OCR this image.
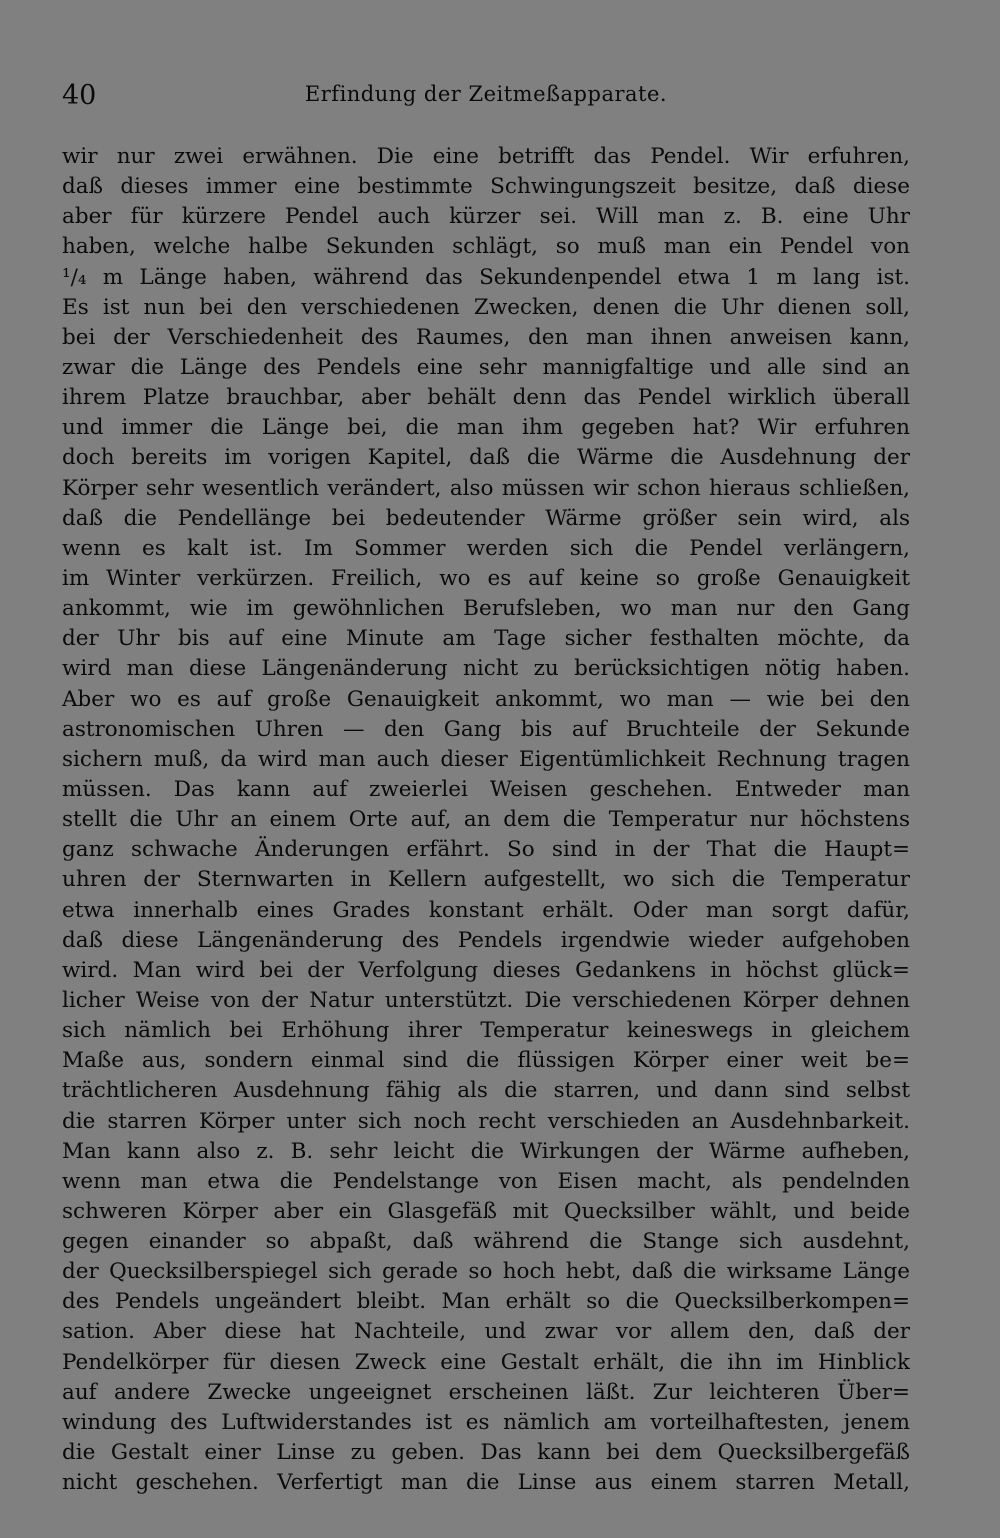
40	Erfindung der Zeitmeßapparate.
wir nur zwei erwähnen. Die eine betrifft das Pendel. Wir erfuhren,
daß dieses immer eine bestimmte Schwingungszeit besitze, daß diese
aber für kürzere Pendel auch kürzer sei. Will man z. B. eine Uhr
haben, welche halbe Sekunden schlägt, so muß man ein Pendel von
¹/₄ m Länge haben, während das Sekundenpendel etwa 1 m lang ist.
Es ist nun bei den verschiedenen Zwecken, denen die Uhr dienen soll,
bei der Verschiedenheit des Raumes, den man ihnen anweisen kann,
zwar die Länge des Pendels eine sehr mannigfaltige und alle sind an
ihrem Platze brauchbar, aber behält denn das Pendel wirklich überall
und immer die Länge bei, die man ihm gegeben hat? Wir erfuhren
doch bereits im vorigen Kapitel, daß die Wärme die Ausdehnung der
Körper sehr wesentlich verändert, also müssen wir schon hieraus schließen,
daß die Pendellänge bei bedeutender Wärme größer sein wird, als
wenn es kalt ist. Im Sommer werden sich die Pendel verlängern,
im Winter verkürzen. Freilich, wo es auf keine so große Genauigkeit
ankommt, wie im gewöhnlichen Berufsleben, wo man nur den Gang
der Uhr bis auf eine Minute am Tage sicher festhalten möchte, da
wird man diese Längenänderung nicht zu berücksichtigen nötig haben.
Aber wo es auf große Genauigkeit ankommt, wo man — wie bei den
astronomischen Uhren — den Gang bis auf Bruchteile der Sekunde
sichern muß, da wird man auch dieser Eigentümlichkeit Rechnung tragen
müssen. Das kann auf zweierlei Weisen geschehen. Entweder man
stellt die Uhr an einem Orte auf, an dem die Temperatur nur höchstens
ganz schwache Änderungen erfährt. So sind in der That die Haupt=
uhren der Sternwarten in Kellern aufgestellt, wo sich die Temperatur
etwa innerhalb eines Grades konstant erhält. Oder man sorgt dafür,
daß diese Längenänderung des Pendels irgendwie wieder aufgehoben
wird. Man wird bei der Verfolgung dieses Gedankens in höchst glück=
licher Weise von der Natur unterstützt. Die verschiedenen Körper dehnen
sich nämlich bei Erhöhung ihrer Temperatur keineswegs in gleichem
Maße aus, sondern einmal sind die flüssigen Körper einer weit be=
trächtlicheren Ausdehnung fähig als die starren, und dann sind selbst
die starren Körper unter sich noch recht verschieden an Ausdehnbarkeit.
Man kann also z. B. sehr leicht die Wirkungen der Wärme aufheben,
wenn man etwa die Pendelstange von Eisen macht, als pendelnden
schweren Körper aber ein Glasgefäß mit Quecksilber wählt, und beide
gegen einander so abpaßt, daß während die Stange sich ausdehnt,
der Quecksilberspiegel sich gerade so hoch hebt, daß die wirksame Länge
des Pendels ungeändert bleibt. Man erhält so die Quecksilberkompen=
sation. Aber diese hat Nachteile, und zwar vor allem den, daß der
Pendelkörper für diesen Zweck eine Gestalt erhält, die ihn im Hinblick
auf andere Zwecke ungeeignet erscheinen läßt. Zur leichteren Über=
windung des Luftwiderstandes ist es nämlich am vorteilhaftesten, jenem
die Gestalt einer Linse zu geben. Das kann bei dem Quecksilbergefäß
nicht geschehen. Verfertigt man die Linse aus einem starren Metall,
